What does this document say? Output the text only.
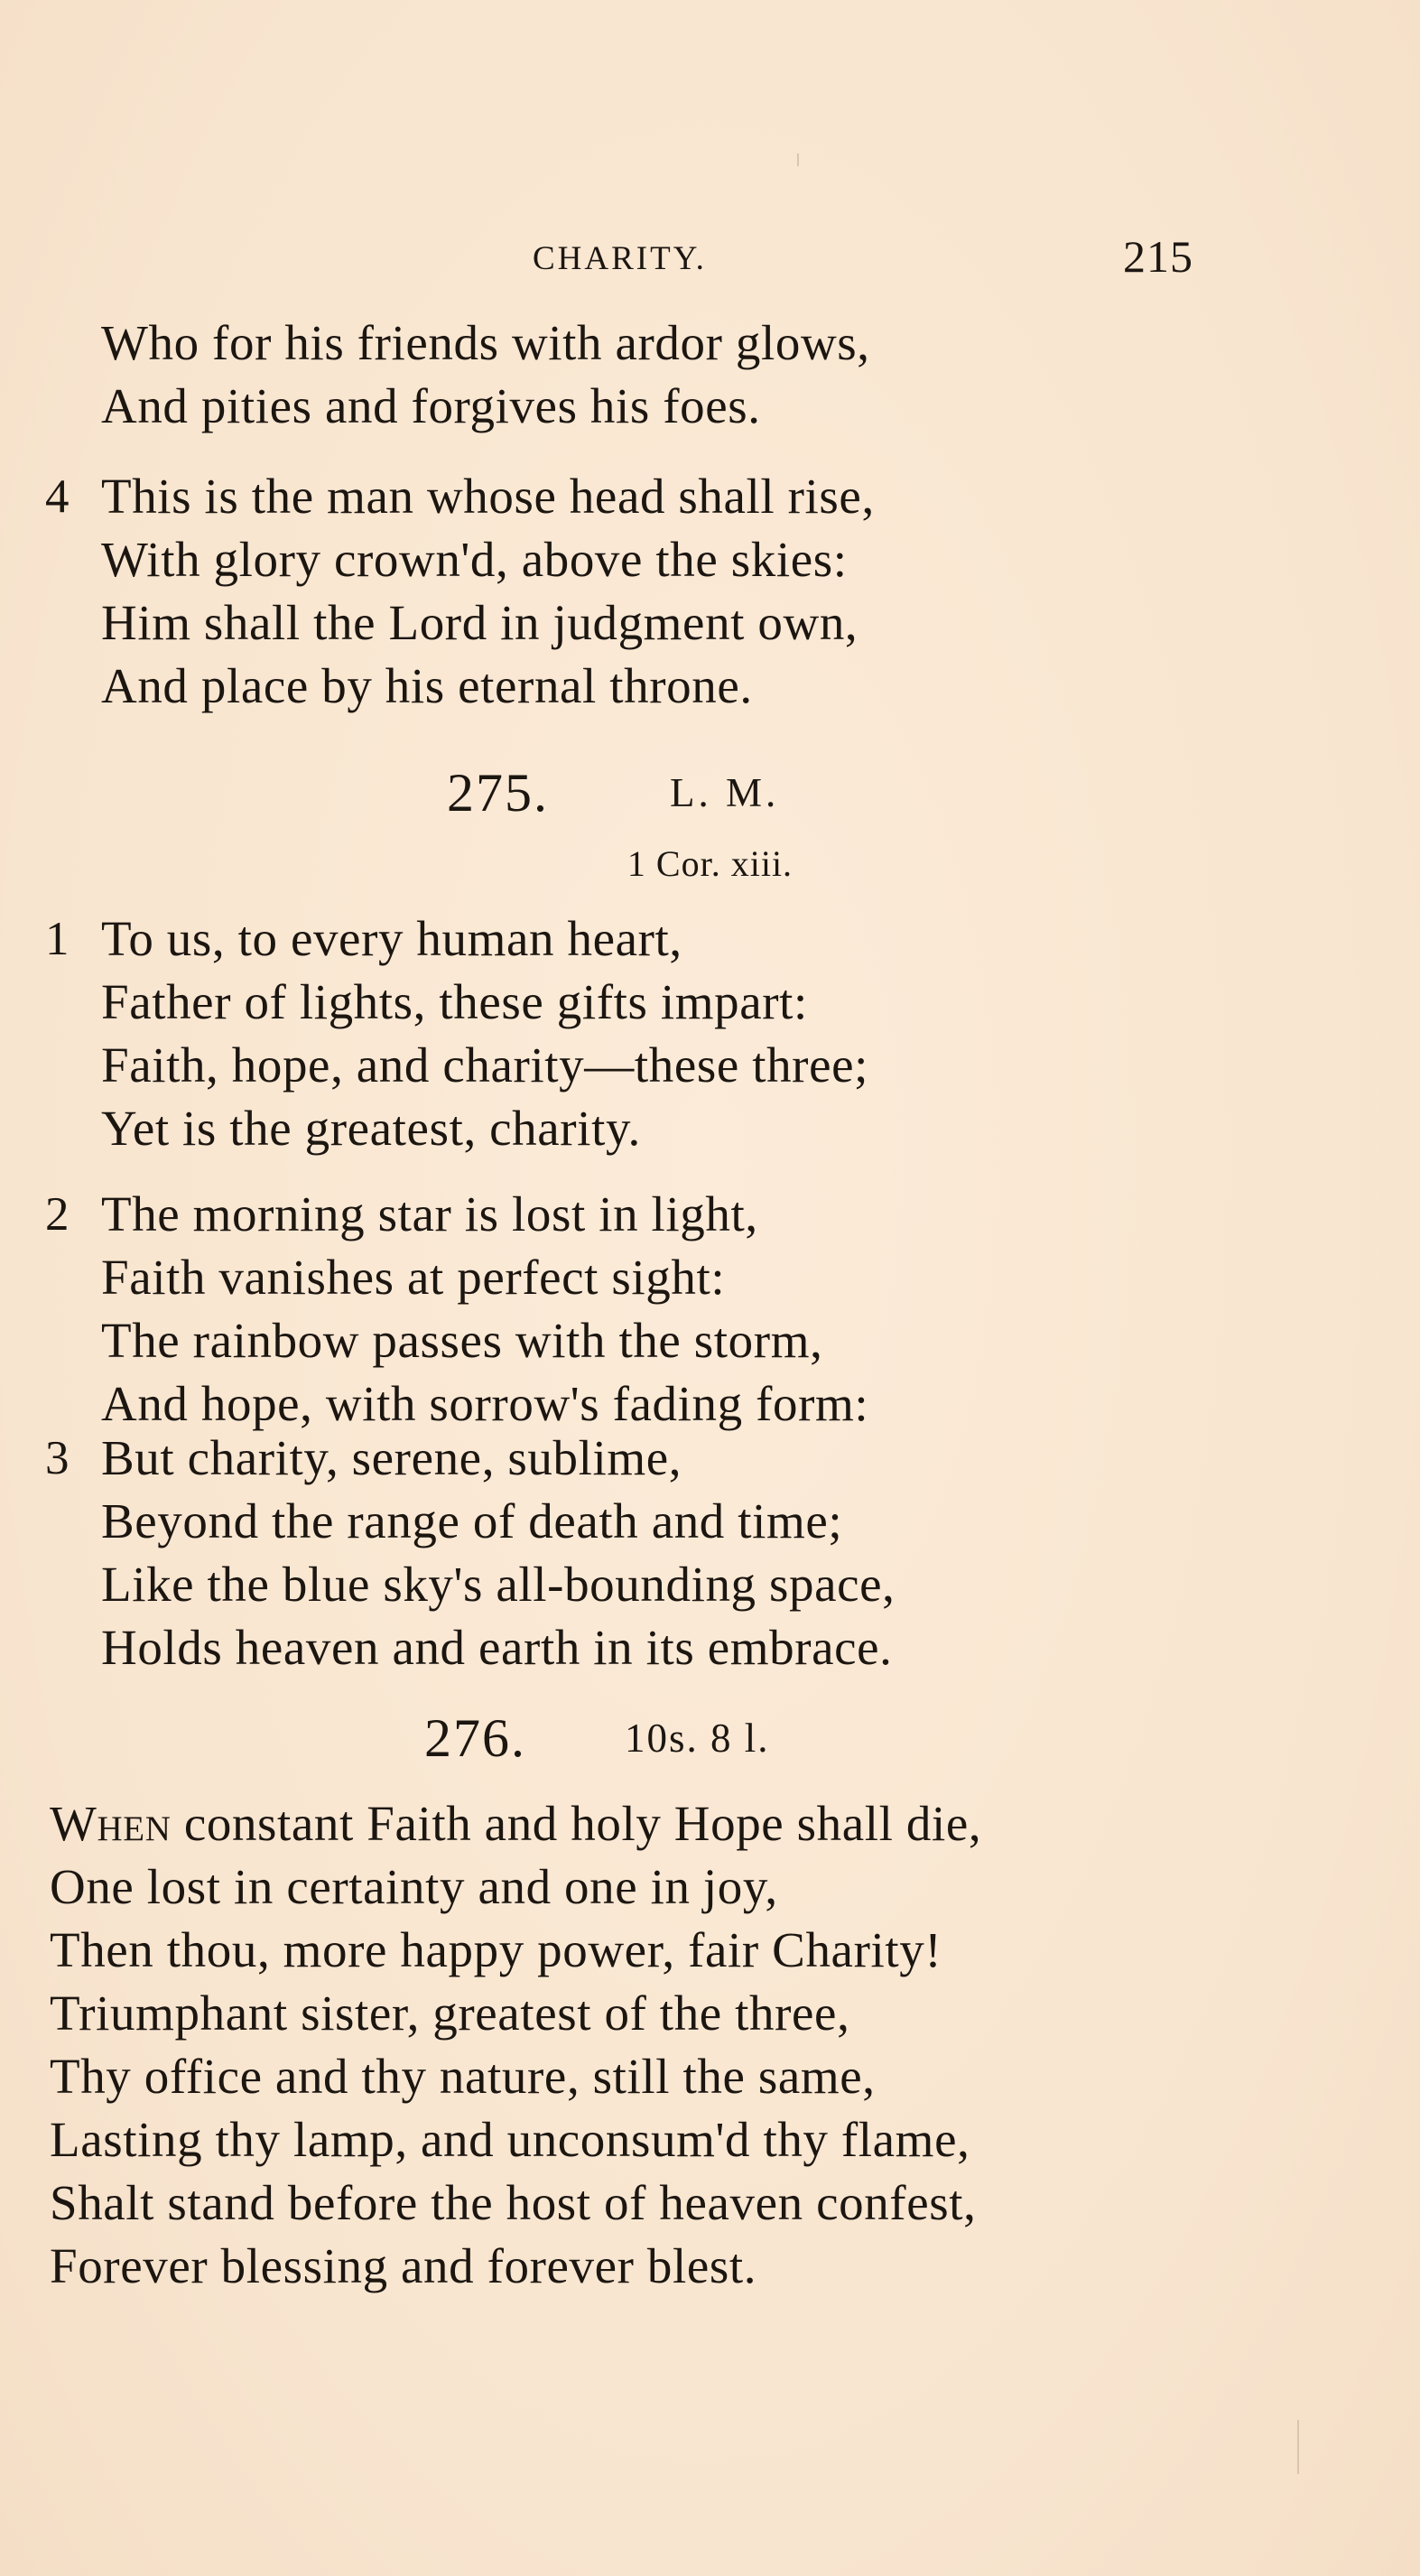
CHARITY.	215
Who for his friends with ardor glows,
And pities and forgives his foes.
4 This is the man whose head shall rise,
With glory crown'd, above the skies:
Him shall the Lord in judgment own,
And place by his eternal throne.
275.	L. M.
1 Cor. xiii.
1 To us, to every human heart,
Father of lights, these gifts impart:
Faith, hope, and charity—these three;
Yet is the greatest, charity.
2 The morning star is lost in light,
Faith vanishes at perfect sight:
The rainbow passes with the storm,
And hope, with sorrow's fading form:
3 But charity, serene, sublime,
Beyond the range of death and time;
Like the blue sky's all-bounding space,
Holds heaven and earth in its embrace.
276. 10s. 8 l.
When constant Faith and holy Hope shall die,
One lost in certainty and one in joy,
Then thou, more happy power, fair Charity!
Triumphant sister, greatest of the three,
Thy office and thy nature, still the same,
Lasting thy lamp, and unconsum'd thy flame,
Shalt stand before the host of heaven confest,
Forever blessing and forever blest.
